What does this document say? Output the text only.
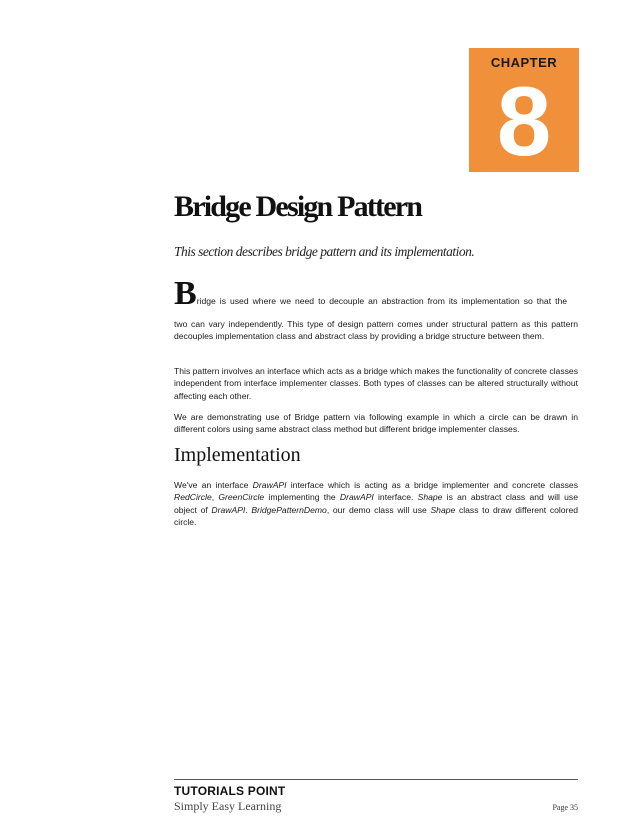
CHAPTER
8
Bridge Design Pattern

This section describes bridge pattern and its implementation.

Bridge is used where we need to decouple an abstraction from its implementation so that the

two can vary independently. This type of design pattern comes under structural pattern as this pattern decouples implementation class and abstract class by providing a bridge structure between them.

This pattern involves an interface which acts as a bridge which makes the functionality of concrete classes independent from interface implementer classes. Both types of classes can be altered structurally without affecting each other.

We are demonstrating use of Bridge pattern via following example in which a circle can be drawn in different colors using same abstract class method but different bridge implementer classes.

Implementation

We've an interface DrawAPI interface which is acting as a bridge implementer and concrete classes RedCircle, GreenCircle implementing the DrawAPI interface. Shape is an abstract class and will use object of DrawAPI. BridgePatternDemo, our demo class will use Shape class to draw different colored circle.

TUTORIALS POINT
Simply Easy Learning	Page 35
